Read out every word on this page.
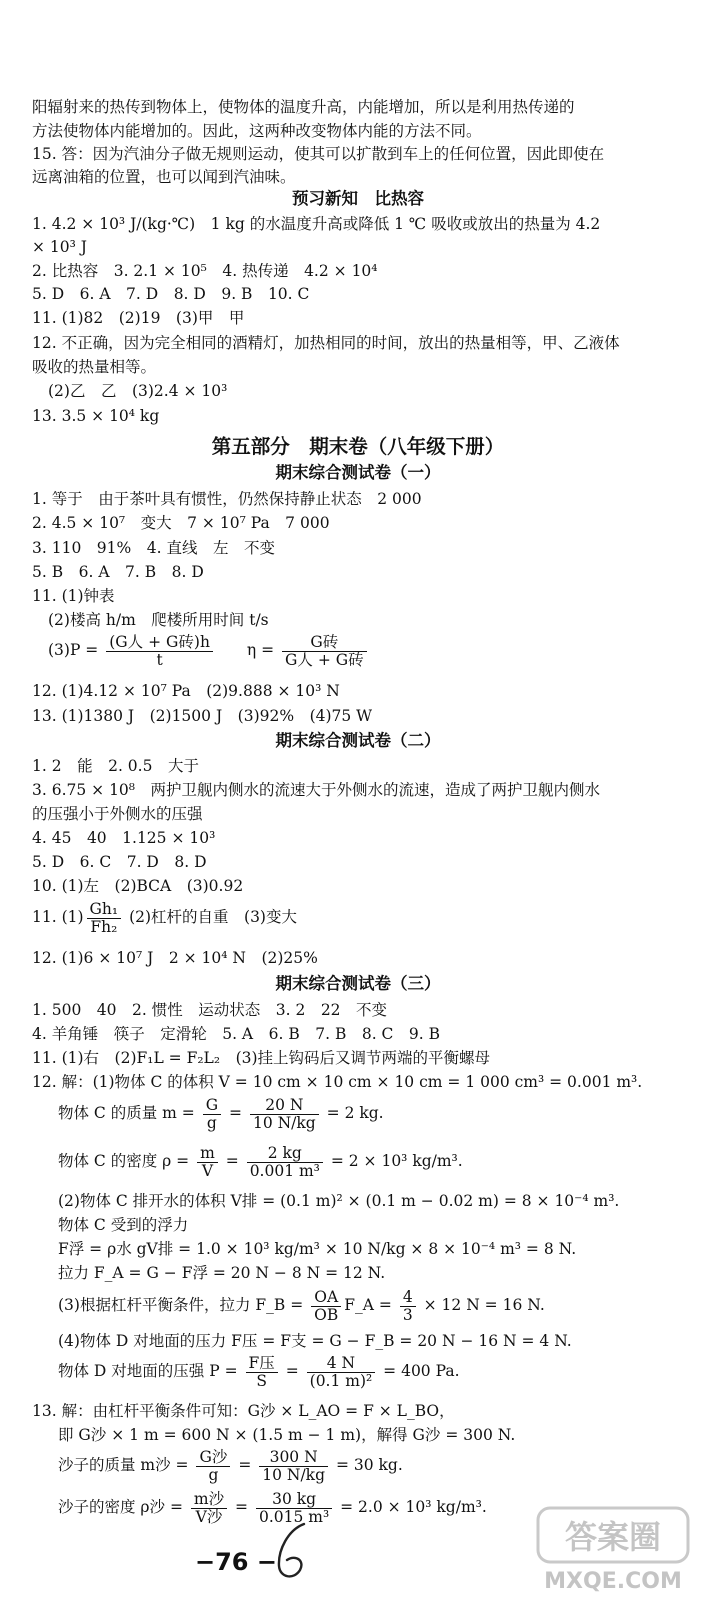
阳辐射来的热传到物体上，使物体的温度升高，内能增加，所以是利用热传递的
方法使物体内能增加的。因此，这两种改变物体内能的方法不同。
15. 答：因为汽油分子做无规则运动，使其可以扩散到车上的任何位置，因此即使在
远离油箱的位置，也可以闻到汽油味。
预习新知　比热容
1. 4.2 × 10³ J/(kg·℃)　1 kg 的水温度升高或降低 1 ℃ 吸收或放出的热量为 4.2
× 10³ J
2. 比热容　3. 2.1 × 10⁵　4. 热传递　4.2 × 10⁴
5. D　6. A　7. D　8. D　9. B　10. C
11. (1)82　(2)19　(3)甲　甲
12. 不正确，因为完全相同的酒精灯，加热相同的时间，放出的热量相等，甲、乙液体
吸收的热量相等。
(2)乙　乙　(3)2.4 × 10³
13. 3.5 × 10⁴ kg
第五部分　期末卷（八年级下册）
期末综合测试卷（一）
1. 等于　由于茶叶具有惯性，仍然保持静止状态　2 000
2. 4.5 × 10⁷　变大　7 × 10⁷ Pa　7 000
3. 110　91%　4. 直线　左　不变
5. B　6. A　7. B　8. D
11. (1)钟表
(2)楼高 h/m　爬楼所用时间 t/s
$(3)P = \frac{\text{(G人 + G砖)h}}{t}$ $\eta = \frac{\text{G砖}}{\text{G人 + G砖}}$
12. (1)4.12 × 10⁷ Pa　(2)9.888 × 10³ N
13. (1)1380 J　(2)1500 J　(3)92%　(4)75 W
期末综合测试卷（二）
1. 2　能　2. 0.5　大于
3. 6.75 × 10⁸　两护卫舰内侧水的流速大于外侧水的流速，造成了两护卫舰内侧水
的压强小于外侧水的压强
4. 45　40　1.125 × 10³
5. D　6. C　7. D　8. D
10. (1)左　(2)BCA　(3)0.92
11. $(1) \frac{\text{Gh₁}}{\text{Fh₂}} (2)$杠杆的自重　(3)变大
12. (1)6 × 10⁷ J　2 × 10⁴ N　(2)25%
期末综合测试卷（三）
1. 500　40　2. 惯性　运动状态　3. 2　22　不变
4. 羊角锤　筷子　定滑轮　5. A　6. B　7. B　8. C　9. B
11. (1)右　(2)F₁L = F₂L₂　(3)挂上钩码后又调节两端的平衡螺母
12. 解：(1)物体 C 的体积 V = 10 cm × 10 cm × 10 cm = 1 000 cm³ = 0.001 m³.
物体 C 的质量 $m = \frac{G}{g} = \frac{20 N}{10 N/kg} = 2$ kg.
物体 C 的密度 $\rho = \frac{m}{V} = \frac{2 kg}{\text{0.001 m³}} = 2 \times 10^3$ kg/m³.
(2)物体 C 排开水的体积 V排 = (0.1 m)² × (0.1 m − 0.02 m) = 8 × 10⁻⁴ m³.
物体 C 受到的浮力
F浮 = ρ水 gV排 = 1.0 × 10³ kg/m³ × 10 N/kg × 8 × 10⁻⁴ m³ = 8 N.
拉力 F_A = G − F浮 = 20 N − 8 N = 12 N.
(3)根据杠杆平衡条件，拉力 F_B = $\frac{OA}{OB}$ F_A = $\frac{4}{3} \times 12$ N = 16 N.
(4)物体 D 对地面的压力 F压 = F支 = G − F_B = 20 N − 16 N = 4 N.
物体 D 对地面的压强 $P = \frac{\text{F压}}{S} = \frac{4 N}{\text{(0.1 m)²}} = 400$ Pa.
13. 解：由杠杆平衡条件可知：G沙 × L_AO = F × L_BO，
即 G沙 × 1 m = 600 N × (1.5 m − 1 m)，解得 G沙 = 300 N.
沙子的质量 m沙 = $\frac{\text{G沙}}{g} = \frac{300 N}{10 N/kg} = 30$ kg.
沙子的密度 ρ沙 = $\frac{\text{m沙}}{\text{V沙}} = \frac{30 kg}{\text{0.015 m³}} = 2.0 \times 10^3$ kg/m³.
−76 −
答案圈
MXQE.COM
